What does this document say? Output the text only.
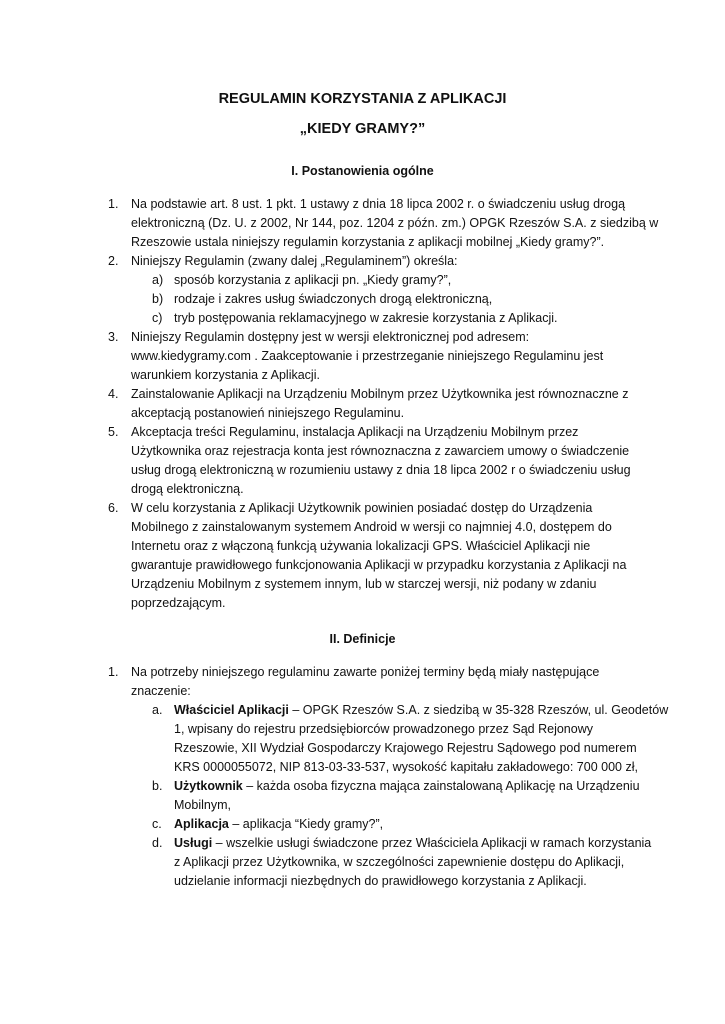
REGULAMIN KORZYSTANIA Z APLIKACJI
„KIEDY GRAMY?”
I. Postanowienia ogólne
1. Na podstawie art. 8 ust. 1 pkt. 1 ustawy z dnia 18 lipca 2002 r. o świadczeniu usług drogą
elektroniczną (Dz. U. z 2002, Nr 144, poz. 1204 z późn. zm.) OPGK Rzeszów S.A. z siedzibą w
Rzeszowie ustala niniejszy regulamin korzystania z aplikacji mobilnej „Kiedy gramy?”.
2. Niniejszy Regulamin (zwany dalej „Regulaminem”) określa:
a) sposób korzystania z aplikacji pn. „Kiedy gramy?”,
b) rodzaje i zakres usług świadczonych drogą elektroniczną,
c) tryb postępowania reklamacyjnego w zakresie korzystania z Aplikacji.
3. Niniejszy Regulamin dostępny jest w wersji elektronicznej pod adresem:
www.kiedygramy.com . Zaakceptowanie i przestrzeganie niniejszego Regulaminu jest
warunkiem korzystania z Aplikacji.
4. Zainstalowanie Aplikacji na Urządzeniu Mobilnym przez Użytkownika jest równoznaczne z
akceptacją postanowień niniejszego Regulaminu.
5. Akceptacja treści Regulaminu, instalacja Aplikacji na Urządzeniu Mobilnym przez
Użytkownika oraz rejestracja konta jest równoznaczna z zawarciem umowy o świadczenie
usług drogą elektroniczną w rozumieniu ustawy z dnia 18 lipca 2002 r o świadczeniu usług
drogą elektroniczną.
6. W celu korzystania z Aplikacji Użytkownik powinien posiadać dostęp do Urządzenia
Mobilnego z zainstalowanym systemem Android w wersji co najmniej 4.0, dostępem do
Internetu oraz z włączoną funkcją używania lokalizacji GPS. Właściciel Aplikacji nie
gwarantuje prawidłowego funkcjonowania Aplikacji w przypadku korzystania z Aplikacji na
Urządzeniu Mobilnym z systemem innym, lub w starczej wersji, niż podany w zdaniu
poprzedzającym.
II. Definicje
1. Na potrzeby niniejszego regulaminu zawarte poniżej terminy będą miały następujące
znaczenie:
a. Właściciel Aplikacji – OPGK Rzeszów S.A. z siedzibą w 35-328 Rzeszów, ul. Geodetów
1, wpisany do rejestru przedsiębiorców prowadzonego przez Sąd Rejonowy
Rzeszowie, XII Wydział Gospodarczy Krajowego Rejestru Sądowego pod numerem
KRS 0000055072, NIP 813-03-33-537, wysokość kapitału zakładowego: 700 000 zł,
b. Użytkownik – każda osoba fizyczna mająca zainstalowaną Aplikację na Urządzeniu
Mobilnym,
c. Aplikacja – aplikacja “Kiedy gramy?”,
d. Usługi – wszelkie usługi świadczone przez Właściciela Aplikacji w ramach korzystania
z Aplikacji przez Użytkownika, w szczególności zapewnienie dostępu do Aplikacji,
udzielanie informacji niezbędnych do prawidłowego korzystania z Aplikacji.
